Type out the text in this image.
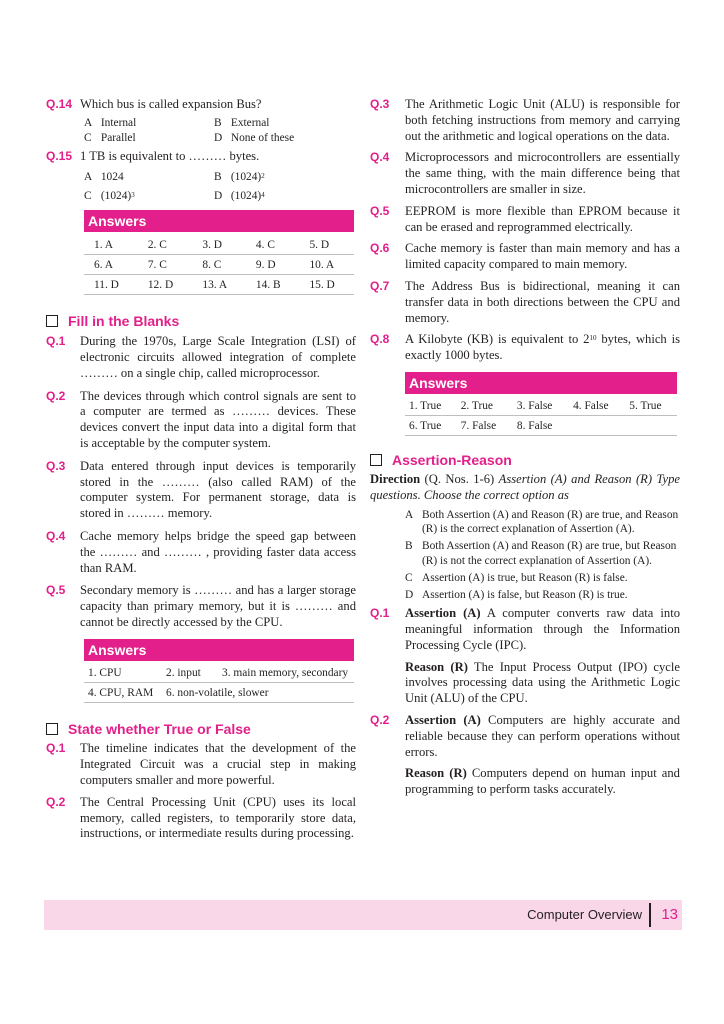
Q.14 Which bus is called expansion Bus?
A Internal	B External
C Parallel	D None of these
Q.15 1 TB is equivalent to ……… bytes.
A 1024	B $(1024)^2$
C $(1024)^3$	D $(1024)^4$
Answers
1. A	2. C	3. D	4. C	5. D
6. A	7. C	8. C	9. D	10. A
11. D	12. D	13. A	14. B	15. D
Fill in the Blanks
Q.1 During the 1970s, Large Scale Integration (LSI) of electronic circuits allowed integration of complete ……… on a single chip, called microprocessor.
Q.2 The devices through which control signals are sent to a computer are termed as ……… devices. These devices convert the input data into a digital form that is acceptable by the computer system.
Q.3 Data entered through input devices is temporarily stored in the ……… (also called RAM) of the computer system. For permanent storage, data is stored in ……… memory.
Q.4 Cache memory helps bridge the speed gap between the ……… and ……… , providing faster data access than RAM.
Q.5 Secondary memory is ……… and has a larger storage capacity than primary memory, but it is ……… and cannot be directly accessed by the CPU.
Answers
1. CPU	2. input	3. main memory, secondary
4. CPU, RAM	6. non-volatile, slower	
State whether True or False
Q.1 The timeline indicates that the development of the Integrated Circuit was a crucial step in making computers smaller and more powerful.
Q.2 The Central Processing Unit (CPU) uses its local memory, called registers, to temporarily store data, instructions, or intermediate results during processing.
Q.3 The Arithmetic Logic Unit (ALU) is responsible for both fetching instructions from memory and carrying out the arithmetic and logical operations on the data.
Q.4 Microprocessors and microcontrollers are essentially the same thing, with the main difference being that microcontrollers are smaller in size.
Q.5 EEPROM is more flexible than EPROM because it can be erased and reprogrammed electrically.
Q.6 Cache memory is faster than main memory and has a limited capacity compared to main memory.
Q.7 The Address Bus is bidirectional, meaning it can transfer data in both directions between the CPU and memory.
Q.8 A Kilobyte (KB) is equivalent to $2^{10}$ bytes, which is exactly 1000 bytes.
Answers
1. True	2. True	3. False	4. False	5. True
6. True	7. False	8. False		
Assertion-Reason
Direction (Q. Nos. 1-6) Assertion (A) and Reason (R) Type questions. Choose the correct option as
A Both Assertion (A) and Reason (R) are true, and Reason (R) is the correct explanation of Assertion (A).
B Both Assertion (A) and Reason (R) are true, but Reason (R) is not the correct explanation of Assertion (A).
C Assertion (A) is true, but Reason (R) is false.
D Assertion (A) is false, but Reason (R) is true.
Q.1 Assertion (A) A computer converts raw data into meaningful information through the Information Processing Cycle (IPC).
Reason (R) The Input Process Output (IPO) cycle involves processing data using the Arithmetic Logic Unit (ALU) of the CPU.
Q.2 Assertion (A) Computers are highly accurate and reliable because they can perform operations without errors.
Reason (R) Computers depend on human input and programming to perform tasks accurately.
Computer Overview 13
